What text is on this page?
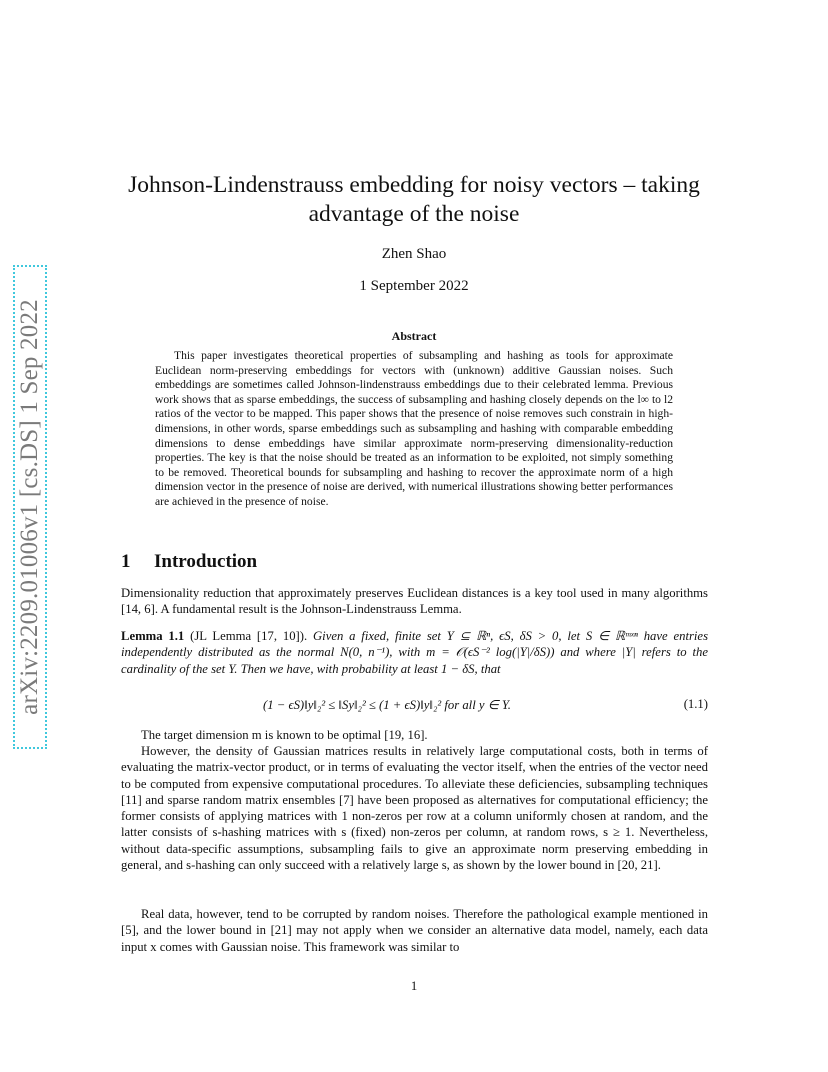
arXiv:2209.01006v1 [cs.DS] 1 Sep 2022
Johnson-Lindenstrauss embedding for noisy vectors – taking
advantage of the noise
Zhen Shao
1 September 2022
Abstract
This paper investigates theoretical properties of subsampling and hashing as tools for approximate Euclidean norm-preserving embeddings for vectors with (unknown) additive Gaussian noises. Such embeddings are sometimes called Johnson-lindenstrauss embeddings due to their celebrated lemma. Previous work shows that as sparse embeddings, the success of subsampling and hashing closely depends on the l∞ to l2 ratios of the vector to be mapped. This paper shows that the presence of noise removes such constrain in high-dimensions, in other words, sparse embeddings such as subsampling and hashing with comparable embedding dimensions to dense embeddings have similar approximate norm-preserving dimensionality-reduction properties. The key is that the noise should be treated as an information to be exploited, not simply something to be removed. Theoretical bounds for subsampling and hashing to recover the approximate norm of a high dimension vector in the presence of noise are derived, with numerical illustrations showing better performances are achieved in the presence of noise.
1 Introduction
Dimensionality reduction that approximately preserves Euclidean distances is a key tool used in many algorithms [14, 6]. A fundamental result is the Johnson-Lindenstrauss Lemma.
Lemma 1.1 (JL Lemma [17, 10]). Given a fixed, finite set Y ⊆ ℝⁿ, ϵS, δS > 0, let S ∈ ℝᵐˣⁿ have entries independently distributed as the normal N(0, n⁻¹), with m = 𝒪(ϵS⁻² log(|Y|/δS)) and where |Y| refers to the cardinality of the set Y. Then we have, with probability at least 1 − δS, that
(1 − ϵS)‖y‖₂² ≤ ‖Sy‖₂² ≤ (1 + ϵS)‖y‖₂² for all y ∈ Y.	(1.1)
The target dimension m is known to be optimal [19, 16].
However, the density of Gaussian matrices results in relatively large computational costs, both in terms of evaluating the matrix-vector product, or in terms of evaluating the vector itself, when the entries of the vector need to be computed from expensive computational procedures. To alleviate these deficiencies, subsampling techniques [11] and sparse random matrix ensembles [7] have been proposed as alternatives for computational efficiency; the former consists of applying matrices with 1 non-zeros per row at a column uniformly chosen at random, and the latter consists of s-hashing matrices with s (fixed) non-zeros per column, at random rows, s ≥ 1. Nevertheless, without data-specific assumptions, subsampling fails to give an approximate norm preserving embedding in general, and s-hashing can only succeed with a relatively large s, as shown by the lower bound in [20, 21].
Real data, however, tend to be corrupted by random noises. Therefore the pathological example mentioned in [5], and the lower bound in [21] may not apply when we consider an alternative data model, namely, each data input x comes with Gaussian noise. This framework was similar to
1
